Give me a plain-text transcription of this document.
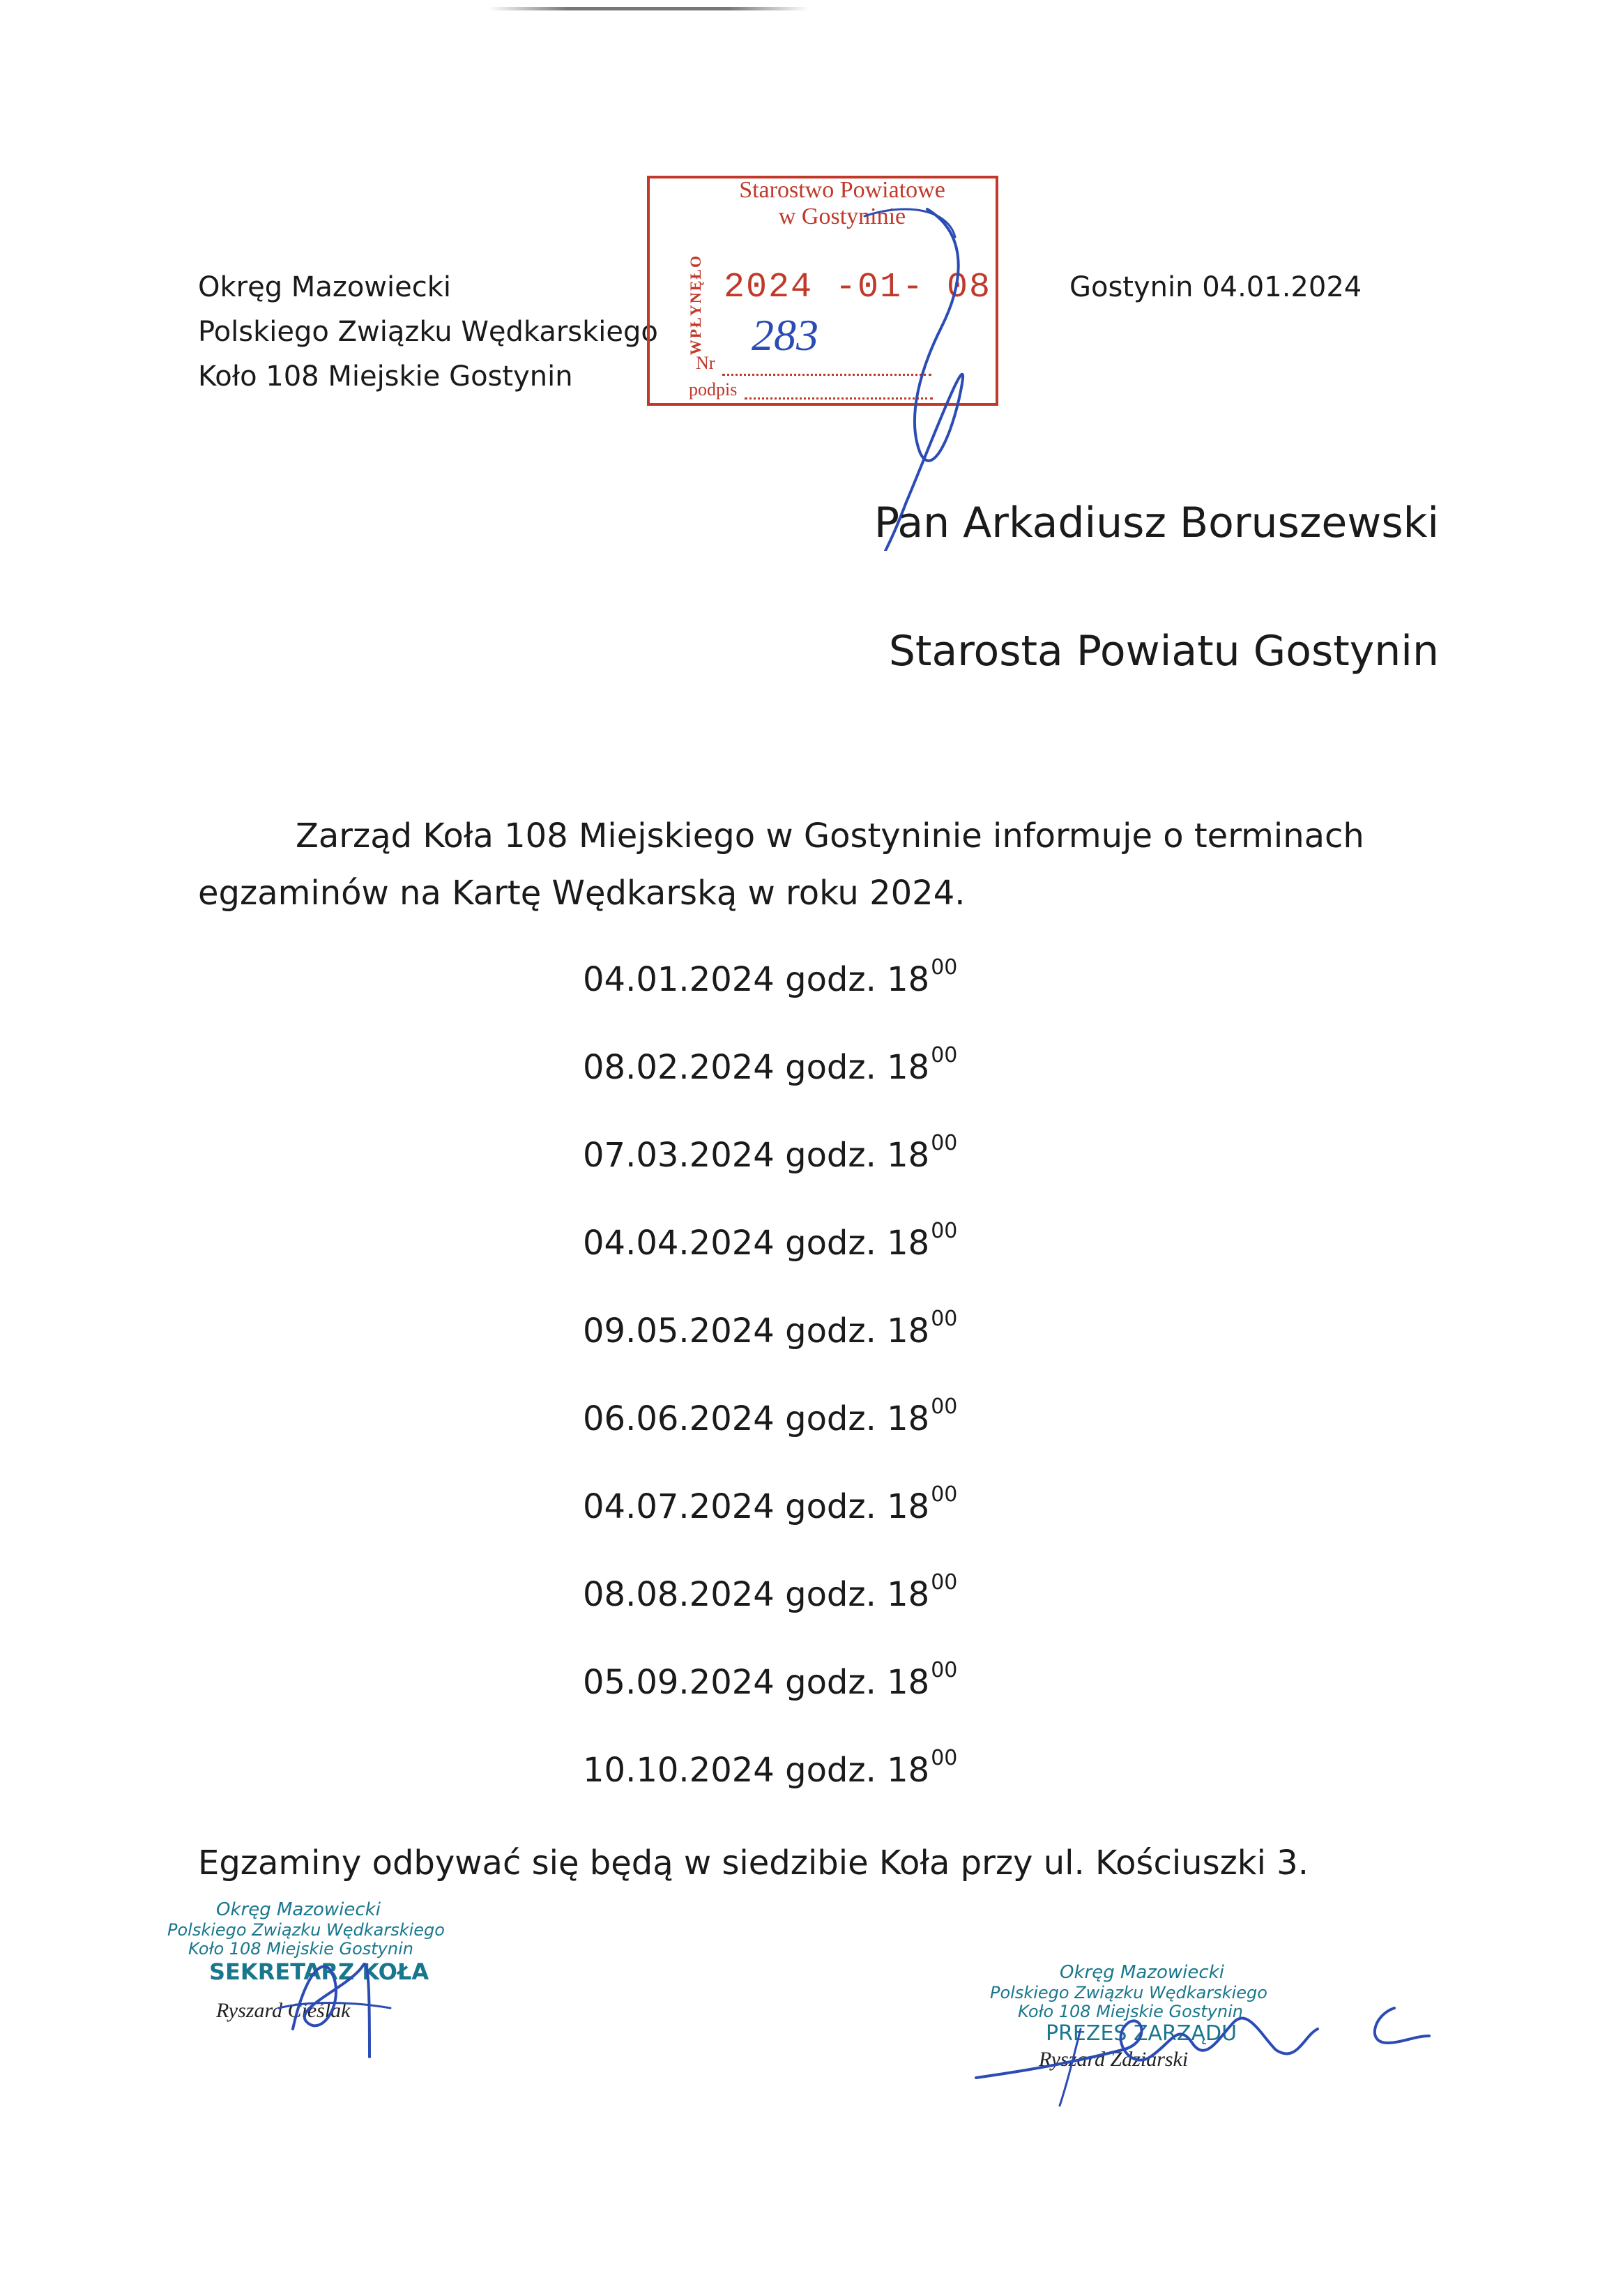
Okręg Mazowiecki
Polskiego Związku Wędkarskiego
Koło 108 Miejskie Gostynin
Starostwo Powiatowe
w Gostyninie
WPŁYNĘŁO 2024 -01- 08
283
Nr
podpis
Gostynin 04.01.2024
Pan Arkadiusz Boruszewski
Starosta Powiatu Gostynin
Zarząd Koła 108 Miejskiego w Gostyninie informuje o terminach egzaminów na Kartę Wędkarską w roku 2024.
04.01.2024 godz. $18^{00}$
08.02.2024 godz. $18^{00}$
07.03.2024 godz. $18^{00}$
04.04.2024 godz. $18^{00}$
09.05.2024 godz. $18^{00}$
06.06.2024 godz. $18^{00}$
04.07.2024 godz. $18^{00}$
08.08.2024 godz. $18^{00}$
05.09.2024 godz. $18^{00}$
10.10.2024 godz. $18^{00}$
Egzaminy odbywać się będą w siedzibie Koła przy ul. Kościuszki 3.
Okręg Mazowiecki
Polskiego Związku Wędkarskiego
Koło 108 Miejskie Gostynin
SEKRETARZ KOŁA
Ryszard Cieślak
Okręg Mazowiecki
Polskiego Związku Wędkarskiego
Koło 108 Miejskie Gostynin
PREZES ZARZĄDU
Ryszard Zdziarski
